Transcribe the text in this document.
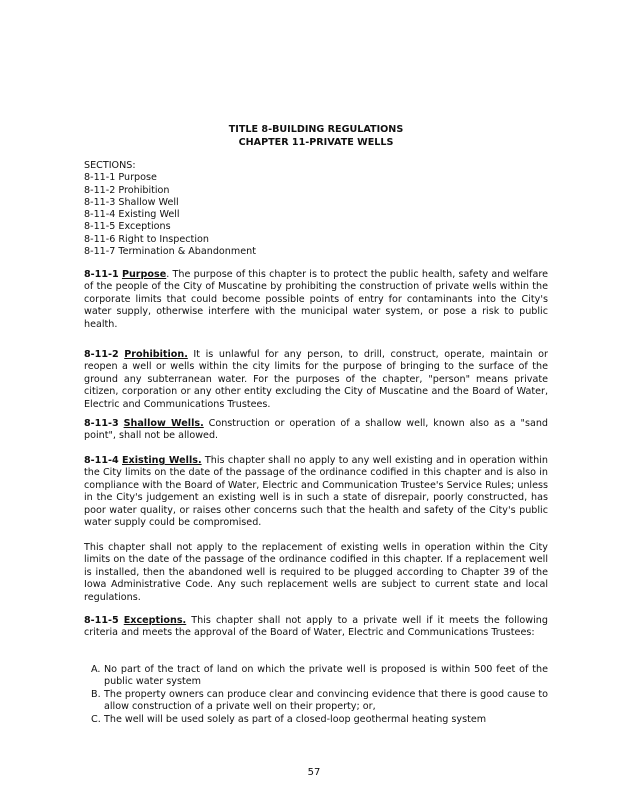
TITLE 8-BUILDING REGULATIONS
CHAPTER 11-PRIVATE WELLS
SECTIONS:
8-11-1 Purpose
8-11-2 Prohibition
8-11-3 Shallow Well
8-11-4 Existing Well
8-11-5 Exceptions
8-11-6 Right to Inspection
8-11-7 Termination & Abandonment
8-11-1 Purpose. The purpose of this chapter is to protect the public health, safety and welfare of the people of the City of Muscatine by prohibiting the construction of private wells within the corporate limits that could become possible points of entry for contaminants into the City's water supply, otherwise interfere with the municipal water system, or pose a risk to public health.
8-11-2 Prohibition. It is unlawful for any person, to drill, construct, operate, maintain or reopen a well or wells within the city limits for the purpose of bringing to the surface of the ground any subterranean water. For the purposes of the chapter, "person" means private citizen, corporation or any other entity excluding the City of Muscatine and the Board of Water, Electric and Communications Trustees.
8-11-3 Shallow Wells. Construction or operation of a shallow well, known also as a "sand point", shall not be allowed.
8-11-4 Existing Wells. This chapter shall no apply to any well existing and in operation within the City limits on the date of the passage of the ordinance codified in this chapter and is also in compliance with the Board of Water, Electric and Communication Trustee's Service Rules; unless in the City's judgement an existing well is in such a state of disrepair, poorly constructed, has poor water quality, or raises other concerns such that the health and safety of the City's public water supply could be compromised.
This chapter shall not apply to the replacement of existing wells in operation within the City limits on the date of the passage of the ordinance codified in this chapter. If a replacement well is installed, then the abandoned well is required to be plugged according to Chapter 39 of the Iowa Administrative Code. Any such replacement wells are subject to current state and local regulations.
8-11-5 Exceptions. This chapter shall not apply to a private well if it meets the following criteria and meets the approval of the Board of Water, Electric and Communications Trustees:
A. No part of the tract of land on which the private well is proposed is within 500 feet of the public water system
B. The property owners can produce clear and convincing evidence that there is good cause to allow construction of a private well on their property; or,
C. The well will be used solely as part of a closed-loop geothermal heating system
57
